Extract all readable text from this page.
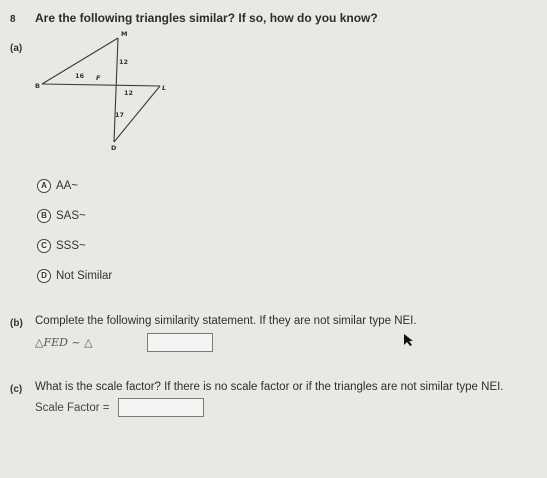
8 Are the following triangles similar? If so, how do you know?
(a)
M
B
F
L
D
12
16
12
17
A AA~
B SAS~
C SSS~
D Not Similar
(b) Complete the following similarity statement. If they are not similar type NEI.
△FED ~ △
(c) What is the scale factor? If there is no scale factor or if the triangles are not similar type NEI.
Scale Factor =
